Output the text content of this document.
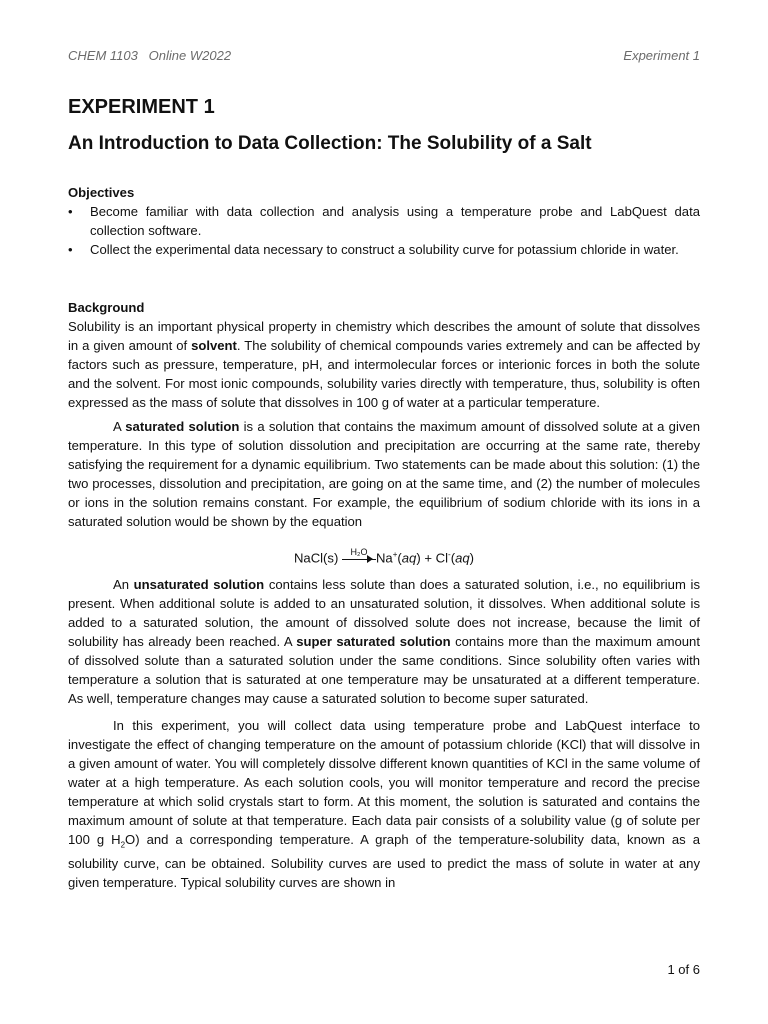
CHEM 1103   Online W2022	Experiment 1
EXPERIMENT 1
An Introduction to Data Collection: The Solubility of a Salt
Objectives
• Become familiar with data collection and analysis using a temperature probe and LabQuest data collection software.
• Collect the experimental data necessary to construct a solubility curve for potassium chloride in water.
Background

Solubility is an important physical property in chemistry which describes the amount of solute that dissolves in a given amount of solvent. The solubility of chemical compounds varies extremely and can be affected by factors such as pressure, temperature, pH, and intermolecular forces or interionic forces in both the solute and the solvent. For most ionic compounds, solubility varies directly with temperature, thus, solubility is often expressed as the mass of solute that dissolves in 100 g of water at a particular temperature.

A saturated solution is a solution that contains the maximum amount of dissolved solute at a given temperature. In this type of solution dissolution and precipitation are occurring at the same rate, thereby satisfying the requirement for a dynamic equilibrium. Two statements can be made about this solution: (1) the two processes, dissolution and precipitation, are going on at the same time, and (2) the number of molecules or ions in the solution remains constant. For example, the equilibrium of sodium chloride with its ions in a saturated solution would be shown by the equation

NaCl(s)	H₂O Na+(aq) + Cl-(aq)

An unsaturated solution contains less solute than does a saturated solution, i.e., no equilibrium is present. When additional solute is added to an unsaturated solution, it dissolves. When additional solute is added to a saturated solution, the amount of dissolved solute does not increase, because the limit of solubility has already been reached. A super saturated solution contains more than the maximum amount of dissolved solute than a saturated solution under the same conditions. Since solubility often varies with temperature a solution that is saturated at one temperature may be unsaturated at a different temperature. As well, temperature changes may cause a saturated solution to become super saturated.

In this experiment, you will collect data using temperature probe and LabQuest interface to investigate the effect of changing temperature on the amount of potassium chloride (KCl) that will dissolve in a given amount of water. You will completely dissolve different known quantities of KCl in the same volume of water at a high temperature. As each solution cools, you will monitor temperature and record the precise temperature at which solid crystals start to form. At this moment, the solution is saturated and contains the maximum amount of solute at that temperature. Each data pair consists of a solubility value (g of solute per 100 g $H_2O$) and a corresponding temperature. A graph of the temperature-solubility data, known as a solubility curve, can be obtained. Solubility curves are used to predict the mass of solute in water at any given temperature. Typical solubility curves are shown in

1 of 6
